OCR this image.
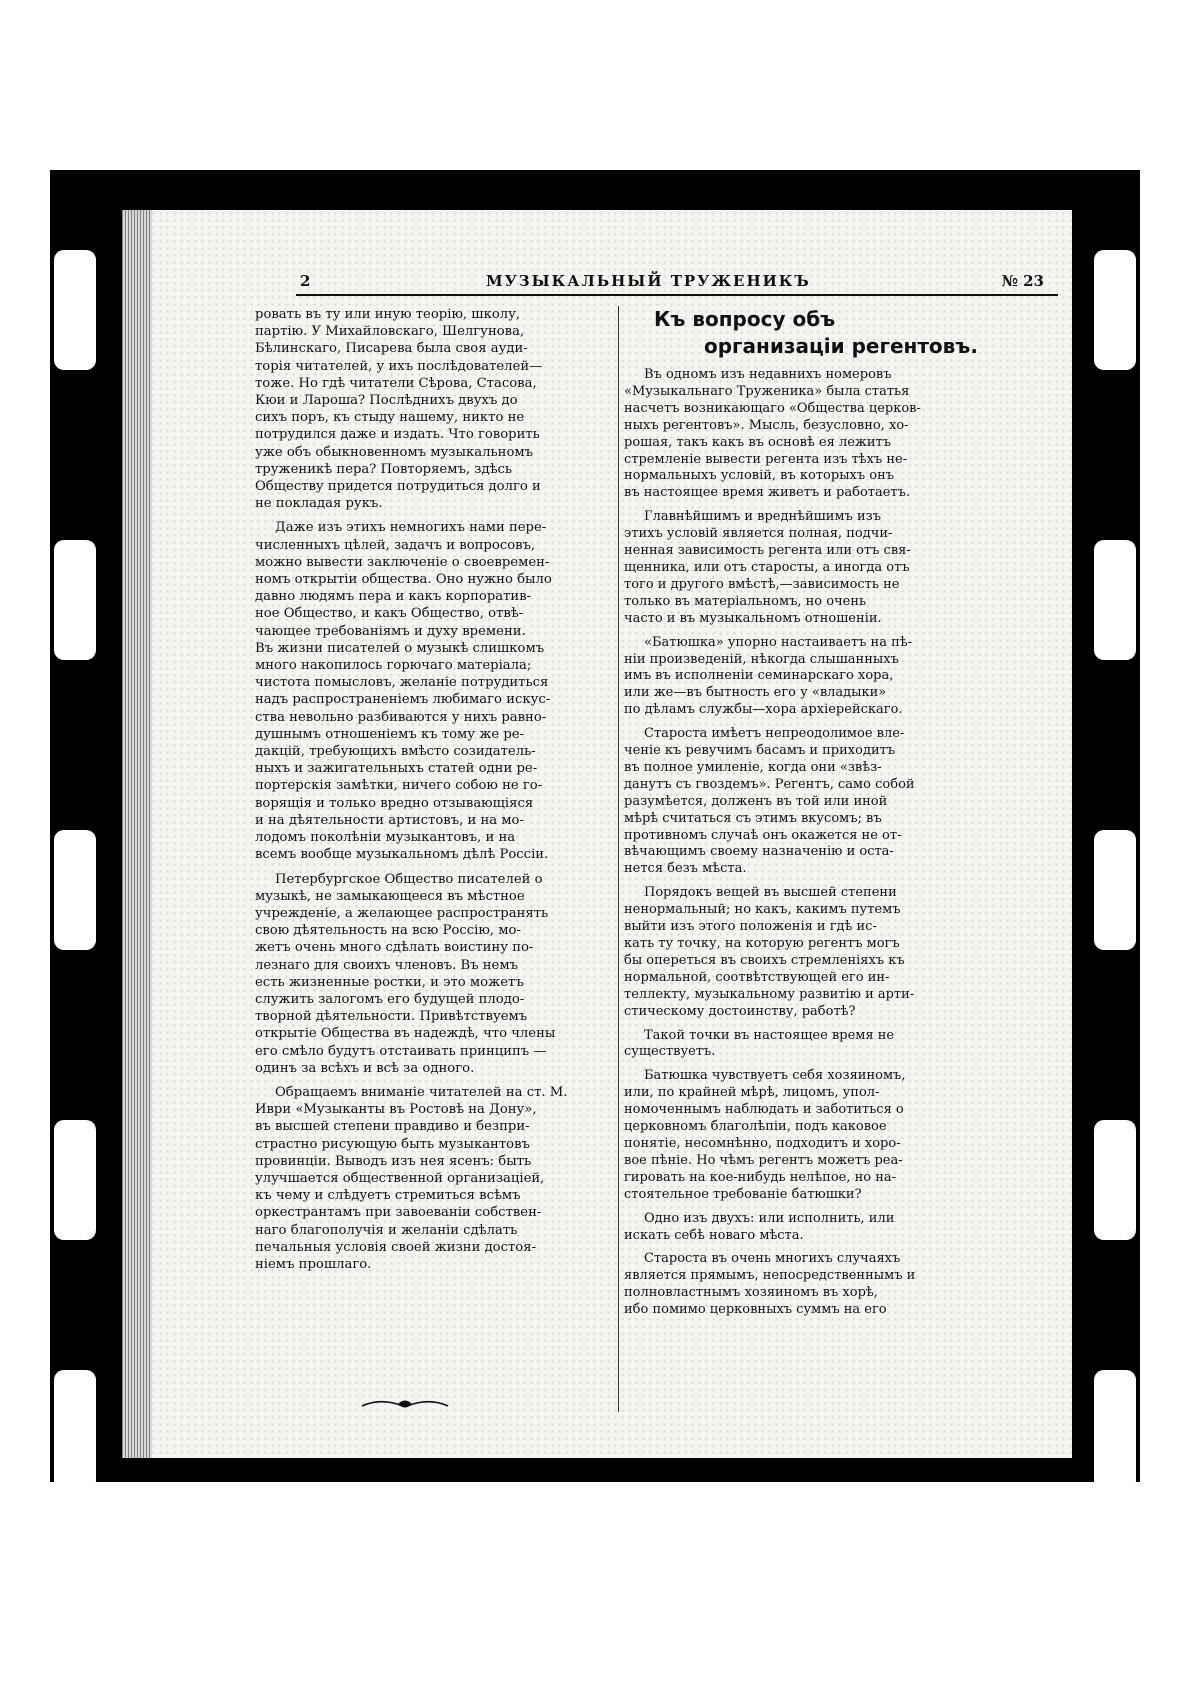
2	МУЗЫКАЛЬНЫЙ ТРУЖЕНИКЪ	№ 23
ровать въ ту или иную теорію, школу,
партію. У Михайловскаго, Шелгунова,
Бѣлинскаго, Писарева была своя ауди-
торія читателей, у ихъ послѣдователей—
тоже. Но гдѣ читатели Сѣрова, Стасова,
Кюи и Лароша? Послѣднихъ двухъ до
сихъ поръ, къ стыду нашему, никто не
потрудился даже и издать. Что говорить
уже объ обыкновенномъ музыкальномъ
труженикѣ пера? Повторяемъ, здѣсь
Обществу придется потрудиться долго и
не покладая рукъ.
Даже изъ этихъ немногихъ нами пере-
численныхъ цѣлей, задачъ и вопросовъ,
можно вывести заключеніе о своевремен-
номъ открытіи общества. Оно нужно было
давно людямъ пера и какъ корпоратив-
ное Общество, и какъ Общество, отвѣ-
чающее требованіямъ и духу времени.
Въ жизни писателей о музыкѣ слишкомъ
много накопилось горючаго матеріала;
чистота помысловъ, желаніе потрудиться
надъ распространеніемъ любимаго искус-
ства невольно разбиваются у нихъ равно-
душнымъ отношеніемъ къ тому же ре-
дакцій, требующихъ вмѣсто созидатель-
ныхъ и зажигательныхъ статей одни ре-
портерскія замѣтки, ничего собою не го-
ворящія и только вредно отзывающіяся
и на дѣятельности артистовъ, и на мо-
лодомъ поколѣніи музыкантовъ, и на
всемъ вообще музыкальномъ дѣлѣ Россіи.
Петербургское Общество писателей о
музыкѣ, не замыкающееся въ мѣстное
учрежденіе, а желающее распространять
свою дѣятельность на всю Россію, мо-
жетъ очень много сдѣлать воистину по-
лезнаго для своихъ членовъ. Въ немъ
есть жизненные ростки, и это можетъ
служить залогомъ его будущей плодо-
творной дѣятельности. Привѣтствуемъ
открытіе Общества въ надеждѣ, что члены
его смѣло будутъ отстаивать принципъ —
одинъ за всѣхъ и всѣ за одного.
Обращаемъ вниманіе читателей на ст. М.
Иври «Музыканты въ Ростовѣ на Дону»,
въ высшей степени правдиво и безпри-
страстно рисующую быть музыкантовъ
провинціи. Выводъ изъ нея ясенъ: быть
улучшается общественной организаціей,
къ чему и слѣдуетъ стремиться всѣмъ
оркестрантамъ при завоеваніи собствен-
наго благополучія и желаніи сдѣлать
печальныя условія своей жизни достоя-
ніемъ прошлаго.
Къ вопросу объ
организаціи регентовъ.
Въ одномъ изъ недавнихъ номеровъ
«Музыкальнаго Труженика» была статья
насчетъ возникающаго «Общества церков-
ныхъ регентовъ». Мысль, безусловно, хо-
рошая, такъ какъ въ основѣ ея лежитъ
стремленіе вывести регента изъ тѣхъ не-
нормальныхъ условій, въ которыхъ онъ
въ настоящее время живетъ и работаетъ.
Главнѣйшимъ и вреднѣйшимъ изъ
этихъ условій является полная, подчи-
ненная зависимость регента или отъ свя-
щенника, или отъ старосты, а иногда отъ
того и другого вмѣстѣ,—зависимость не
только въ матеріальномъ, но очень
часто и въ музыкальномъ отношеніи.
«Батюшка» упорно настаиваетъ на пѣ-
ніи произведеній, нѣкогда слышанныхъ
имъ въ исполненіи семинарскаго хора,
или же—въ бытность его у «владыки»
по дѣламъ службы—хора архіерейскаго.
Староста имѣетъ непреодолимое вле-
ченіе къ ревучимъ басамъ и приходитъ
въ полное умиленіе, когда они «звѣз-
данутъ съ гвоздемъ». Регентъ, само собой
разумѣется, долженъ въ той или иной
мѣрѣ считаться съ этимъ вкусомъ; въ
противномъ случаѣ онъ окажется не от-
вѣчающимъ своему назначенію и оста-
нется безъ мѣста.
Порядокъ вещей въ высшей степени
ненормальный; но какъ, какимъ путемъ
выйти изъ этого положенія и гдѣ ис-
кать ту точку, на которую регентъ могъ
бы опереться въ своихъ стремленіяхъ къ
нормальной, соотвѣтствующей его ин-
теллекту, музыкальному развитію и арти-
стическому достоинству, работѣ?
Такой точки въ настоящее время не
существуетъ.
Батюшка чувствуетъ себя хозяиномъ,
или, по крайней мѣрѣ, лицомъ, упол-
номоченнымъ наблюдать и заботиться о
церковномъ благолѣпіи, подъ каковое
понятіе, несомнѣнно, подходитъ и хоро-
вое пѣніе. Но чѣмъ регентъ можетъ реа-
гировать на кое-нибудь нелѣпое, но на-
стоятельное требованіе батюшки?
Одно изъ двухъ: или исполнить, или
искать себѣ новаго мѣста.
Староста въ очень многихъ случаяхъ
является прямымъ, непосредственнымъ и
полновластнымъ хозяиномъ въ хорѣ,
ибо помимо церковныхъ суммъ на его
